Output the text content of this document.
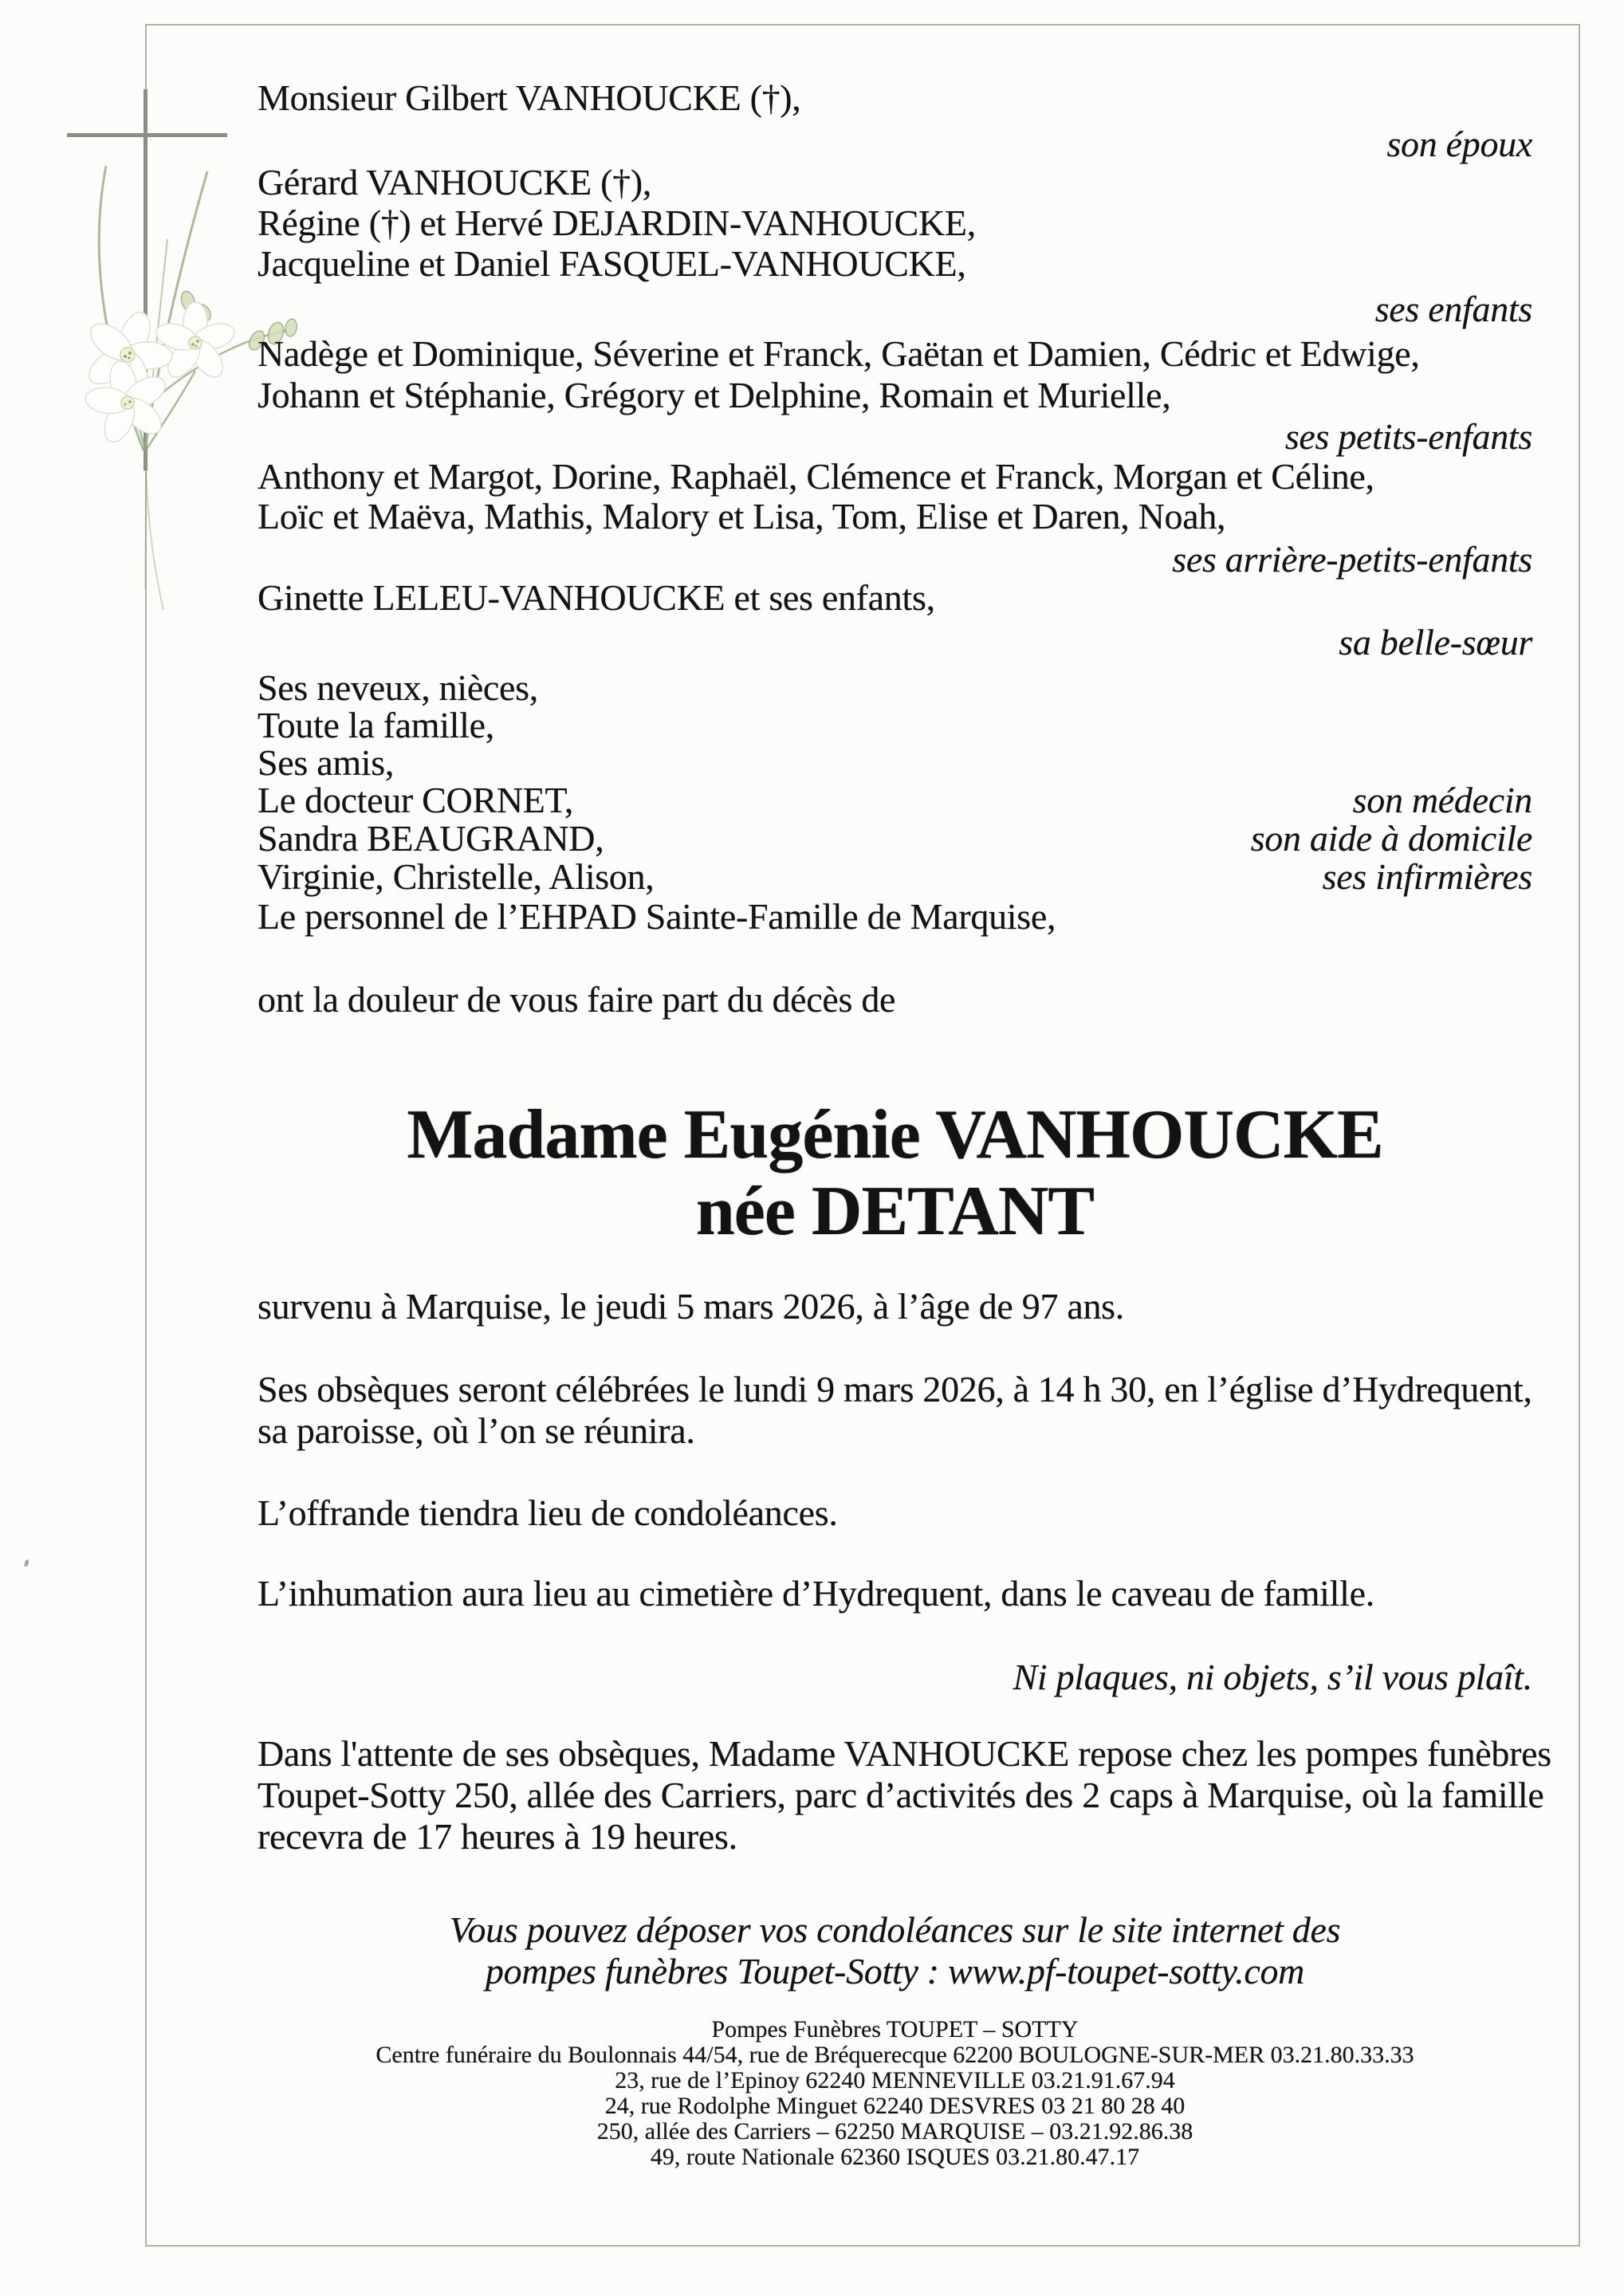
Monsieur Gilbert VANHOUCKE (†),
son époux
Gérard VANHOUCKE (†),
Régine (†) et Hervé DEJARDIN-VANHOUCKE,
Jacqueline et Daniel FASQUEL-VANHOUCKE,
ses enfants
Nadège et Dominique, Séverine et Franck, Gaëtan et Damien, Cédric et Edwige,
Johann et Stéphanie, Grégory et Delphine, Romain et Murielle,
ses petits-enfants
Anthony et Margot, Dorine, Raphaël, Clémence et Franck, Morgan et Céline,
Loïc et Maëva, Mathis, Malory et Lisa, Tom, Elise et Daren, Noah,
ses arrière-petits-enfants
Ginette LELEU-VANHOUCKE et ses enfants,
sa belle-sœur
Ses neveux, nièces,
Toute la famille,
Ses amis,
Le docteur CORNET,	son médecin
Sandra BEAUGRAND,	son aide à domicile
Virginie, Christelle, Alison,	ses infirmières
Le personnel de l’EHPAD Sainte-Famille de Marquise,
ont la douleur de vous faire part du décès de
Madame Eugénie VANHOUCKE
née DETANT
survenu à Marquise, le jeudi 5 mars 2026, à l’âge de 97 ans.
Ses obsèques seront célébrées le lundi 9 mars 2026, à 14 h 30, en l’église d’Hydrequent,
sa paroisse, où l’on se réunira.
L’offrande tiendra lieu de condoléances.
L’inhumation aura lieu au cimetière d’Hydrequent, dans le caveau de famille.
Ni plaques, ni objets, s’il vous plaît.
Dans l'attente de ses obsèques, Madame VANHOUCKE repose chez les pompes funèbres
Toupet-Sotty 250, allée des Carriers, parc d’activités des 2 caps à Marquise, où la famille
recevra de 17 heures à 19 heures.
Vous pouvez déposer vos condoléances sur le site internet des
pompes funèbres Toupet-Sotty : www.pf-toupet-sotty.com
Pompes Funèbres TOUPET – SOTTY
Centre funéraire du Boulonnais 44/54, rue de Bréquerecque 62200 BOULOGNE-SUR-MER 03.21.80.33.33
23, rue de l’Epinoy 62240 MENNEVILLE 03.21.91.67.94
24, rue Rodolphe Minguet 62240 DESVRES 03 21 80 28 40
250, allée des Carriers – 62250 MARQUISE – 03.21.92.86.38
49, route Nationale 62360 ISQUES 03.21.80.47.17
